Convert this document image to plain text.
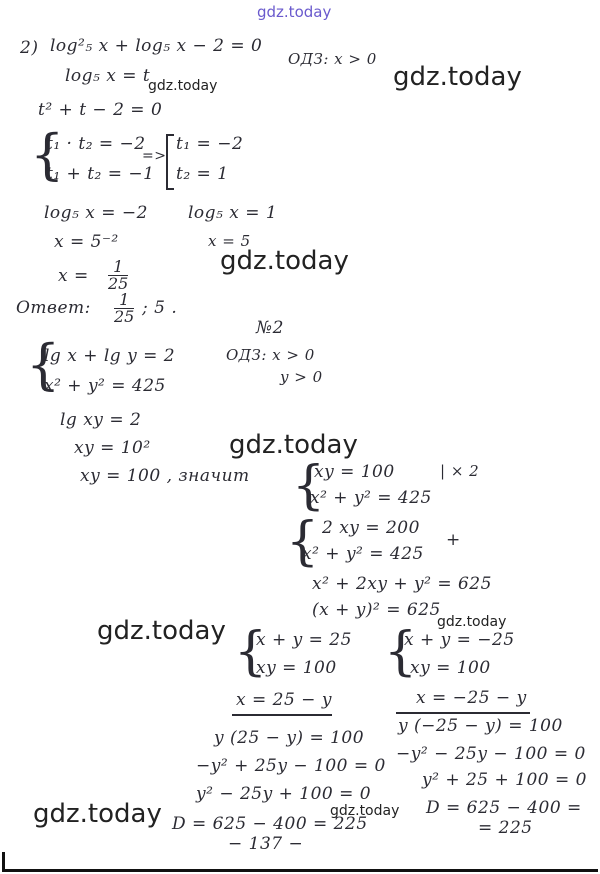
gdz.today
gdz.today
gdz.today
gdz.today
gdz.today
gdz.today
gdz.today
gdz.today	gdz.today
2) log²₅ x + log₅ x − 2 = 0
ОДЗ: x > 0
log₅ x = t
t² + t − 2 = 0
{
t₁ · t₂ = −2
t₁ + t₂ = −1
=>
t₁ = −2
t₂ = 1
log₅ x = −2 log₅ x = 1
x = 5⁻²	x = 5
$x = \frac{1}{25}$
Ответ: $\frac{1}{25}$ ; 5 .
№2
{
lg x + lg y = 2
x² + y² = 425
ОДЗ: x > 0
y > 0
lg xy = 2
xy = 10²
xy = 100 , значит {
xy = 100
x² + y² = 425
| × 2
{ 2 xy = 200
x² + y² = 425
+
x² + 2xy + y² = 625
(x + y)² = 625
{
x + y = 25
xy = 100
x = 25 − y
y (25 − y) = 100
−y² + 25y − 100 = 0
y² − 25y + 100 = 0
D = 625 − 400 = 225
− 137 −
{
x + y = −25
xy = 100
x = −25 − y
y (−25 − y) = 100
−y² − 25y − 100 = 0
y² + 25 + 100 = 0
D = 625 − 400 =
= 225
